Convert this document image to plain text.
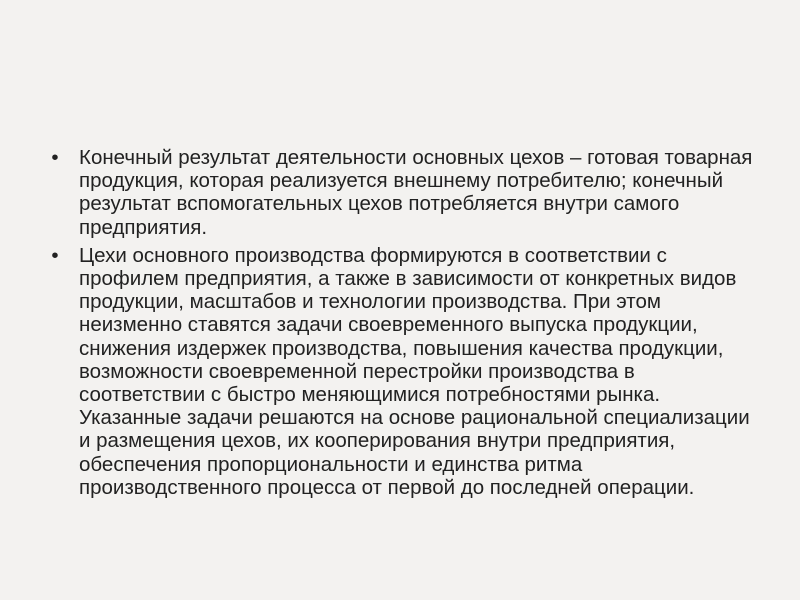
• Конечный результат деятельности основных цехов – готовая товарная продукция, которая реализуется внешнему потребителю; конечный результат вспомогательных цехов потребляется внутри самого предприятия.
• Цехи основного производства формируются в соответствии с профилем предприятия, а также в зависимости от конкретных видов продукции, масштабов и технологии производства. При этом неизменно ставятся задачи своевременного выпуска продукции, снижения издержек производства, повышения качества продукции, возможности своевременной перестройки производства в соответствии с быстро меняющимися потребностями рынка. Указанные задачи решаются на основе рациональной специализации и размещения цехов, их кооперирования внутри предприятия, обеспечения пропорциональности и единства ритма производственного процесса от первой до последней операции.
